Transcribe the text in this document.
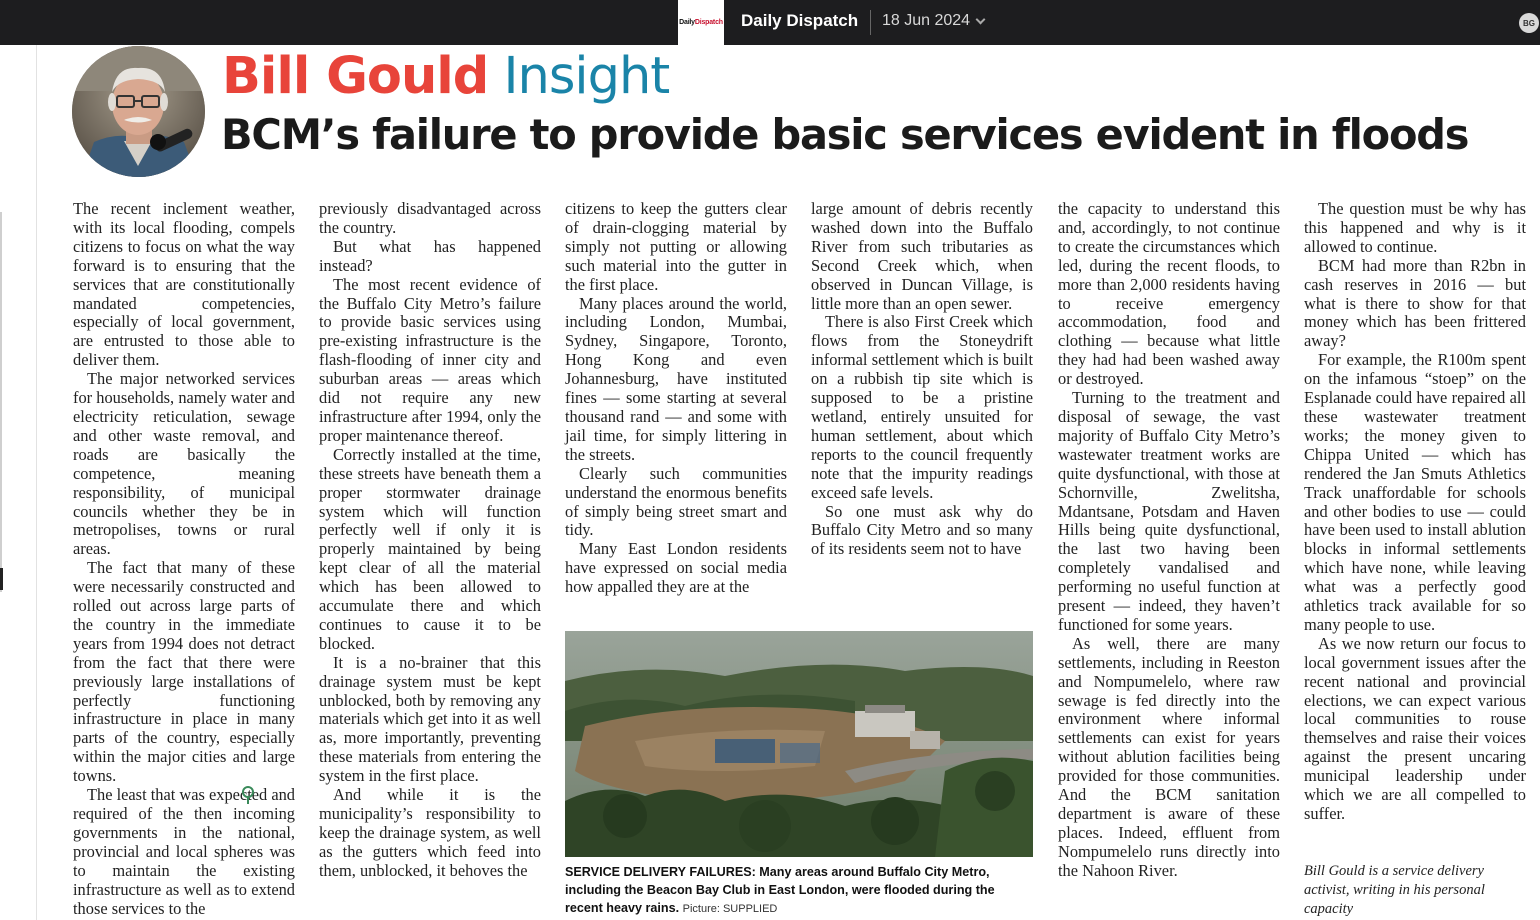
DailyDispatch Daily Dispatch 18 Jun 2024	BG
Bill Gould Insight
BCM’s failure to provide basic services evident in floods

The recent inclement weather, with its local flooding, compels citizens to focus on what the way forward is to ensuring that the services that are constitutionally mandated competencies, especially of local government, are entrusted to those able to deliver them.

The major networked services for households, namely water and electricity reticulation, sewage and other waste removal, and roads are basically the competence, meaning responsibility, of municipal councils whether they be in metropolises, towns or rural areas.

The fact that many of these were necessarily constructed and rolled out across large parts of the country in the immediate years from 1994 does not detract from the fact that there were previously large installations of perfectly functioning infrastructure in place in many parts of the country, especially within the major cities and large towns.

The least that was expected and required of the then incoming governments in the national, provincial and local spheres was to maintain the existing infrastructure as well as to extend those services to the

previously disadvantaged across the country.

But what has happened instead?

The most recent evidence of the Buffalo City Metro’s failure to provide basic services using pre-existing infrastructure is the flash-flooding of inner city and suburban areas — areas which did not require any new infrastructure after 1994, only the proper maintenance thereof.

Correctly installed at the time, these streets have beneath them a proper stormwater drainage system which will function perfectly well if only it is properly maintained by being kept clear of all the material which has been allowed to accumulate there and which continues to cause it to be blocked.

It is a no-brainer that this drainage system must be kept unblocked, both by removing any materials which get into it as well as, more importantly, preventing these materials from entering the system in the first place.

And while it is the municipality’s responsibility to keep the drainage system, as well as the gutters which feed into them, unblocked, it behoves the

citizens to keep the gutters clear of drain-clogging material by simply not putting or allowing such material into the gutter in the first place.

Many places around the world, including London, Mumbai, Sydney, Singapore, Toronto, Hong Kong and even Johannesburg, have instituted fines — some starting at several thousand rand — and some with jail time, for simply littering in the streets.

Clearly such communities understand the enormous benefits of simply being street smart and tidy.

Many East London residents have expressed on social media how appalled they are at the

large amount of debris recently washed down into the Buffalo River from such tributaries as Second Creek which, when observed in Duncan Village, is little more than an open sewer.

There is also First Creek which flows from the Stoneydrift informal settlement which is built on a rubbish tip site which is supposed to be a pristine wetland, entirely unsuited for human settlement, about which reports to the council frequently note that the impurity readings exceed safe levels.

So one must ask why do Buffalo City Metro and so many of its residents seem not to have

the capacity to understand this and, accordingly, to not continue to create the circumstances which led, during the recent floods, to more than 2,000 residents having to receive emergency accommodation, food and clothing — because what little they had had been washed away or destroyed.

Turning to the treatment and disposal of sewage, the vast majority of Buffalo City Metro’s wastewater treatment works are quite dysfunctional, with those at Schornville, Zwelitsha, Mdantsane, Potsdam and Haven Hills being quite dysfunctional, the last two having been completely vandalised and performing no useful function at present — indeed, they haven’t functioned for some years.

As well, there are many settlements, including in Reeston and Nompumelelo, where raw sewage is fed directly into the environment where informal settlements can exist for years without ablution facilities being provided for those communities. And the BCM sanitation department is aware of these places. Indeed, effluent from Nompumelelo runs directly into the Nahoon River.

The question must be why has this happened and why is it allowed to continue.

BCM had more than R2bn in cash reserves in 2016 — but what is there to show for that money which has been frittered away?

For example, the R100m spent on the infamous “stoep” on the Esplanade could have repaired all these wastewater treatment works; the money given to Chippa United — which has rendered the Jan Smuts Athletics Track unaffordable for schools and other bodies to use — could have been used to install ablution blocks in informal settlements which have none, while leaving what was a perfectly good athletics track available for so many people to use.

As we now return our focus to local government issues after the recent national and provincial elections, we can expect various local communities to rouse themselves and raise their voices against the present uncaring municipal leadership under which we are all compelled to suffer.

SERVICE DELIVERY FAILURES: Many areas around Buffalo City Metro, including the Beacon Bay Club in East London, were flooded during the recent heavy rains. Picture: SUPPLIED
Bill Gould is a service delivery activist, writing in his personal capacity
